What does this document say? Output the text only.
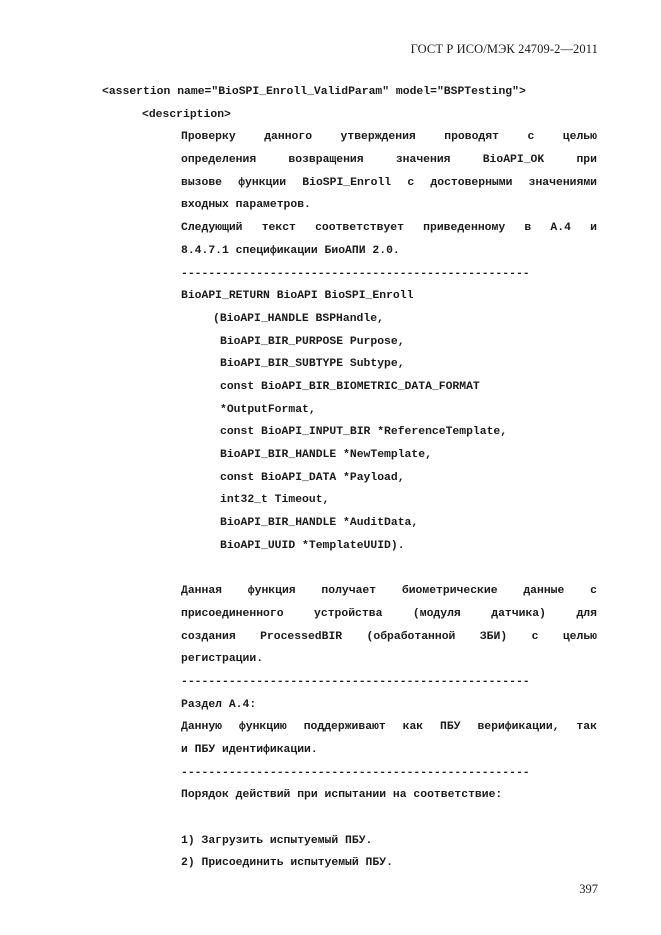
ГОСТ Р ИСО/МЭК 24709-2—2011
<assertion name="BioSPI_Enroll_ValidParam" model="BSPTesting">
<description>
Проверку	данного	утверждения	проводят	с	целью
определения	возвращения	значения	BioAPI_OK	при
вызове функции BioSPI_Enroll с достоверными значениями
входных параметров.
Следующий текст соответствует приведенному в А.4 и
8.4.7.1 спецификации БиоАПИ 2.0.
---------------------------------------------------
BioAPI_RETURN BioAPI BioSPI_Enroll
(BioAPI_HANDLE BSPHandle,
BioAPI_BIR_PURPOSE Purpose,
BioAPI_BIR_SUBTYPE Subtype,
const BioAPI_BIR_BIOMETRIC_DATA_FORMAT
*OutputFormat,
const BioAPI_INPUT_BIR *ReferenceTemplate,
BioAPI_BIR_HANDLE *NewTemplate,
const BioAPI_DATA *Payload,
int32_t Timeout,
BioAPI_BIR_HANDLE *AuditData,
BioAPI_UUID *TemplateUUID).
Данная функция получает биометрические данные с
присоединенного	устройства	(модуля	датчика)	для
создания ProcessedBIR (обработанной ЗБИ) с целью
регистрации.
---------------------------------------------------
Раздел А.4:
Данную функцию поддерживают как ПБУ верификации, так
и ПБУ идентификации.
---------------------------------------------------
Порядок действий при испытании на соответствие:
1) Загрузить испытуемый ПБУ.
2) Присоединить испытуемый ПБУ.
397
